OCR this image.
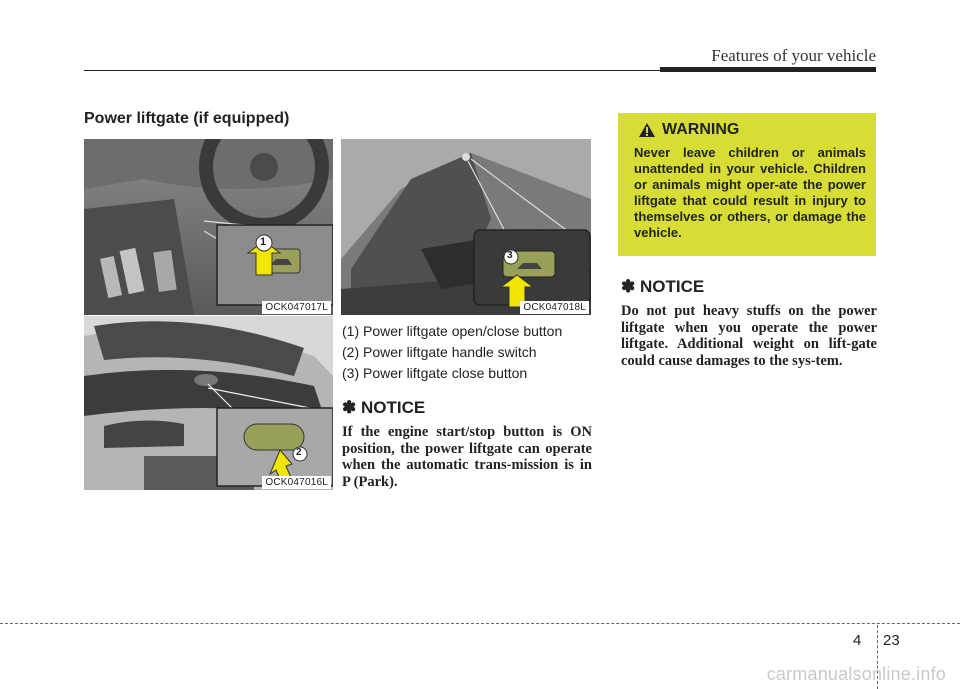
Features of your vehicle
Power liftgate (if equipped)
1
OCK047017L
3
OCK047018L
2
OCK047016L
(1) Power liftgate open/close button
(2) Power liftgate handle switch
(3) Power liftgate close button
✽ NOTICE
If the engine start/stop button is ON position, the power liftgate can operate when the automatic trans-mission is in P (Park).
WARNING
Never leave children or animals unattended in your vehicle. Children or animals might oper-ate the power liftgate that could result in injury to themselves or others, or damage the vehicle.
✽ NOTICE
Do not put heavy stuffs on the power liftgate when you operate the power liftgate. Additional weight on lift-gate could cause damages to the sys-tem.
4 23
carmanualsonline.info
